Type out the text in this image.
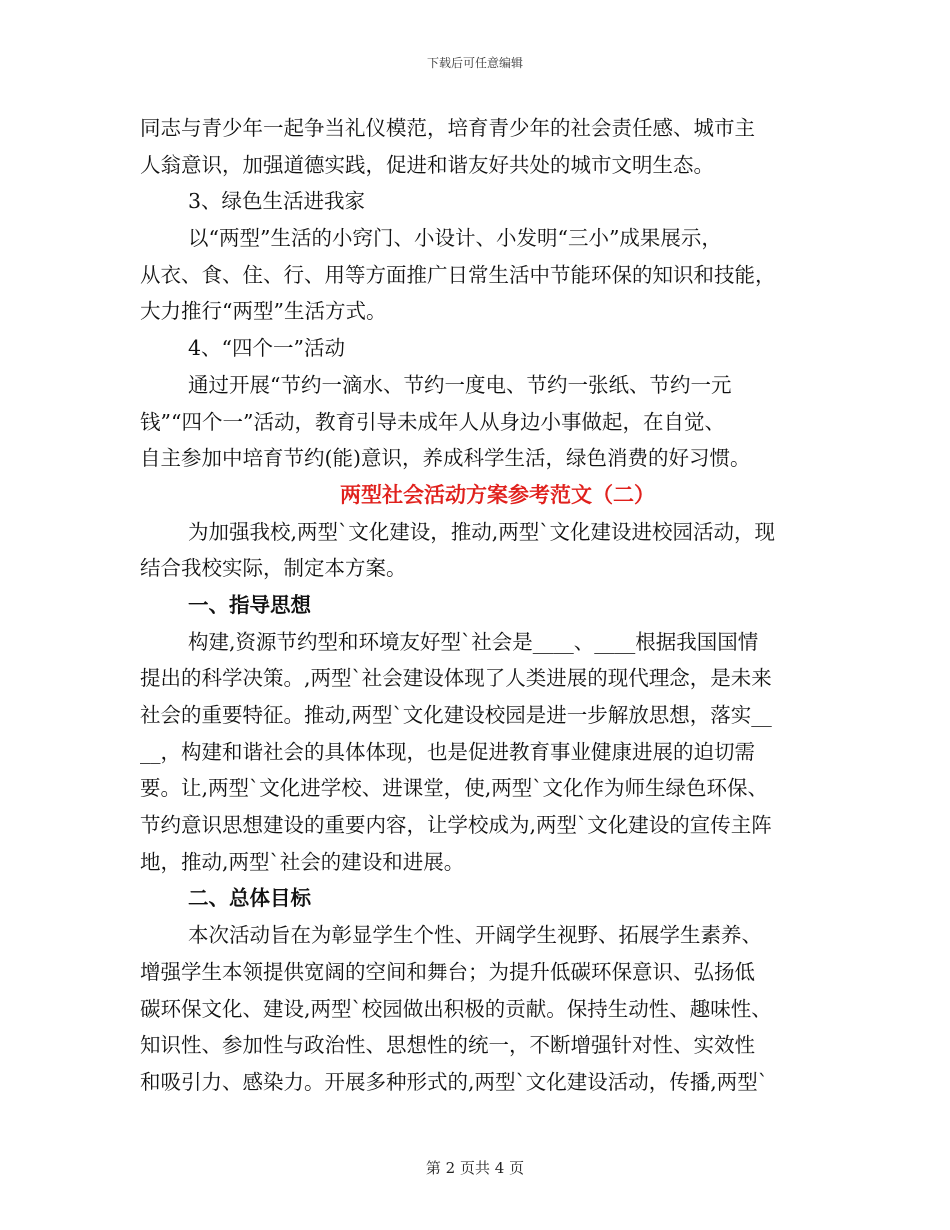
下载后可任意编辑
同志与青少年一起争当礼仪模范，培育青少年的社会责任感、城市主
人翁意识，加强道德实践，促进和谐友好共处的城市文明生态。
3、绿色生活进我家
以“两型”生活的小窍门、小设计、小发明“三小”成果展示，
从衣、食、住、行、用等方面推广日常生活中节能环保的知识和技能，
大力推行“两型”生活方式。
4、“四个一”活动
通过开展“节约一滴水、节约一度电、节约一张纸、节约一元
钱”“四个一”活动，教育引导未成年人从身边小事做起，在自觉、
自主参加中培育节约(能)意识，养成科学生活，绿色消费的好习惯。
两型社会活动方案参考范文（二）
为加强我校,两型`文化建设，推动,两型`文化建设进校园活动，现
结合我校实际，制定本方案。
一、指导思想
构建,资源节约型和环境友好型`社会是____、____根据我国国情
提出的科学决策。,两型`社会建设体现了人类进展的现代理念，是未来
社会的重要特征。推动,两型`文化建设校园是进一步解放思想，落实__
__，构建和谐社会的具体体现，也是促进教育事业健康进展的迫切需
要。让,两型`文化进学校、进课堂，使,两型`文化作为师生绿色环保、
节约意识思想建设的重要内容，让学校成为,两型`文化建设的宣传主阵
地，推动,两型`社会的建设和进展。
二、总体目标
本次活动旨在为彰显学生个性、开阔学生视野、拓展学生素养、
增强学生本领提供宽阔的空间和舞台；为提升低碳环保意识、弘扬低
碳环保文化、建设,两型`校园做出积极的贡献。保持生动性、趣味性、
知识性、参加性与政治性、思想性的统一，不断增强针对性、实效性
和吸引力、感染力。开展多种形式的,两型`文化建设活动，传播,两型`
第 2 页共 4 页
